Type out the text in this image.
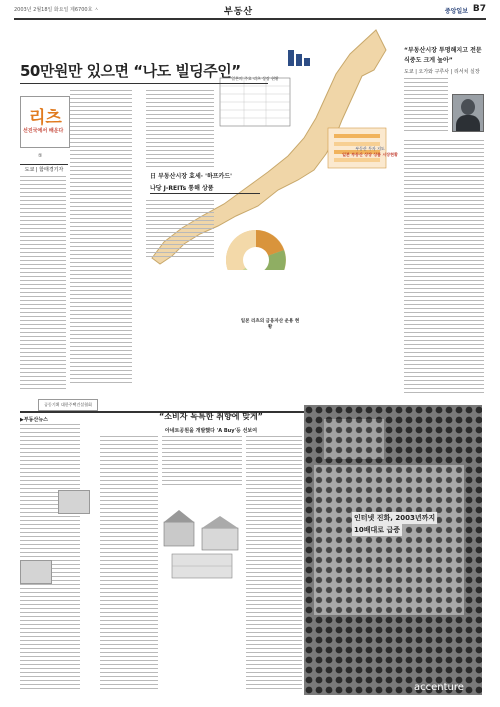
2003년 2월18일 화요일 제6700호 ㅅ	부동산	중앙일보 B7
50만원만 있으면 “나도 빌딩주인”
리츠
선진국에서 배운다
⑤
도쿄 | 함태경기자
日 부동산시장 효세· '하프카드'
나당 J-REITs 통해 상품
일본의 주요 리츠 상장 현황
부동산 투자 지도
일본 부동산 상장 상품 시장현황
일본 리츠의 금융자산 운용 현황
공동기획 대한주택건설협회
“부동산시장 투명해지고 전문식중도 크게 높아”
도쿄 | 오가와 구루사 | 리서치 실장
▶부동산뉴스	“소비자 독특한 취향에 맞게”
아네트공원을 개발했다 'A Buy'등 선보여
인터넷 진화, 2003년까지
10배대로 급증
accenture
